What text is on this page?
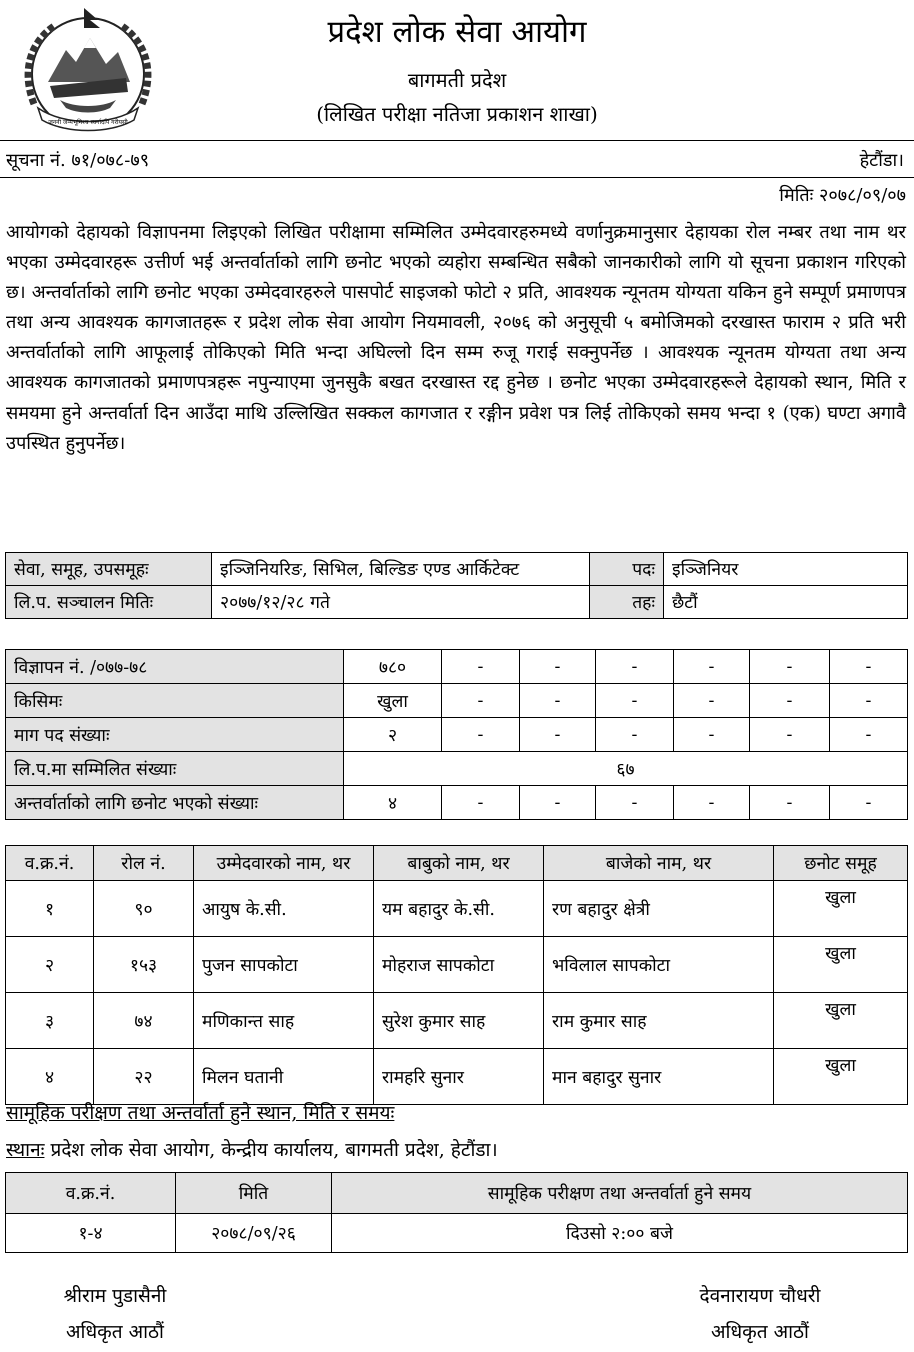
जननी जन्मभूमिश्च स्वर्गादपि गरीयसी
प्रदेश लोक सेवा आयोग
बागमती प्रदेश
(लिखित परीक्षा नतिजा प्रकाशन शाखा)
सूचना नं. ७१/०७८-७९	हेटौंडा।
मितिः २०७८/०९/०७

आयोगको देहायको विज्ञापनमा लिइएको लिखित परीक्षामा सम्मिलित उम्मेदवारहरुमध्ये वर्णानुक्रमानुसार देहायका रोल नम्बर तथा नाम थर भएका उम्मेदवारहरू उत्तीर्ण भई अन्तर्वार्ताको लागि छनोट भएको व्यहोरा सम्बन्धित सबैको जानकारीको लागि यो सूचना प्रकाशन गरिएको छ। अन्तर्वार्ताको लागि छनोट भएका उम्मेदवारहरुले पासपोर्ट साइजको फोटो २ प्रति, आवश्यक न्यूनतम योग्यता यकिन हुने सम्पूर्ण प्रमाणपत्र तथा अन्य आवश्यक कागजातहरू र प्रदेश लोक सेवा आयोग नियमावली, २०७६ को अनुसूची ५ बमोजिमको दरखास्त फाराम २ प्रति भरी अन्तर्वार्ताको लागि आफूलाई तोकिएको मिति भन्दा अघिल्लो दिन सम्म रुजू गराई सक्नुपर्नेछ । आवश्यक न्यूनतम योग्यता तथा अन्य आवश्यक कागजातको प्रमाणपत्रहरू नपुन्याएमा जुनसुकै बखत दरखास्त रद्द हुनेछ । छनोट भएका उम्मेदवारहरूले देहायको स्थान, मिति र समयमा हुने अन्तर्वार्ता दिन आउँदा माथि उल्लिखित सक्कल कागजात र रङ्गीन प्रवेश पत्र लिई तोकिएको समय भन्दा १ (एक) घण्टा अगावै उपस्थित हुनुपर्नेछ।

सेवा, समूह, उपसमूहः	इञ्जिनियरिङ, सिभिल, बिल्डिङ एण्ड आर्किटेक्ट	पदः	इञ्जिनियर
लि.प. सञ्चालन मितिः	२०७७/१२/२८ गते	तहः	छैटौं
विज्ञापन नं. /०७७-७८	७८०	-	-	-	-	-	-
किसिमः	खुला	-	-	-	-	-	-
माग पद संख्याः	२	-	-	-	-	-	-
लि.प.मा सम्मिलित संख्याः	६७						
अन्तर्वार्ताको लागि छनोट भएको संख्याः	४	-	-	-	-	-	-
व.क्र.नं.	रोल नं.	उम्मेदवारको नाम, थर	बाबुको नाम, थर	बाजेको नाम, थर	छनोट समूह
१	९०	आयुष के.सी.	यम बहादुर के.सी.	रण बहादुर क्षेत्री	खुला
२	१५३	पुजन सापकोटा	मोहराज सापकोटा	भविलाल सापकोटा	खुला
३	७४	मणिकान्त साह	सुरेश कुमार साह	राम कुमार साह	खुला
४	२२	मिलन घतानी	रामहरि सुनार	मान बहादुर सुनार	खुला
सामूहिक परीक्षण तथा अन्तर्वार्ता हुने स्थान, मिति र समयः
स्थानः प्रदेश लोक सेवा आयोग, केन्द्रीय कार्यालय, बागमती प्रदेश, हेटौंडा।
व.क्र.नं.	मिति	सामूहिक परीक्षण तथा अन्तर्वार्ता हुने समय
१-४	२०७८/०९/२६	दिउसो २:०० बजे
श्रीराम पुडासैनी
अधिकृत आठौं
देवनारायण चौधरी
अधिकृत आठौं
